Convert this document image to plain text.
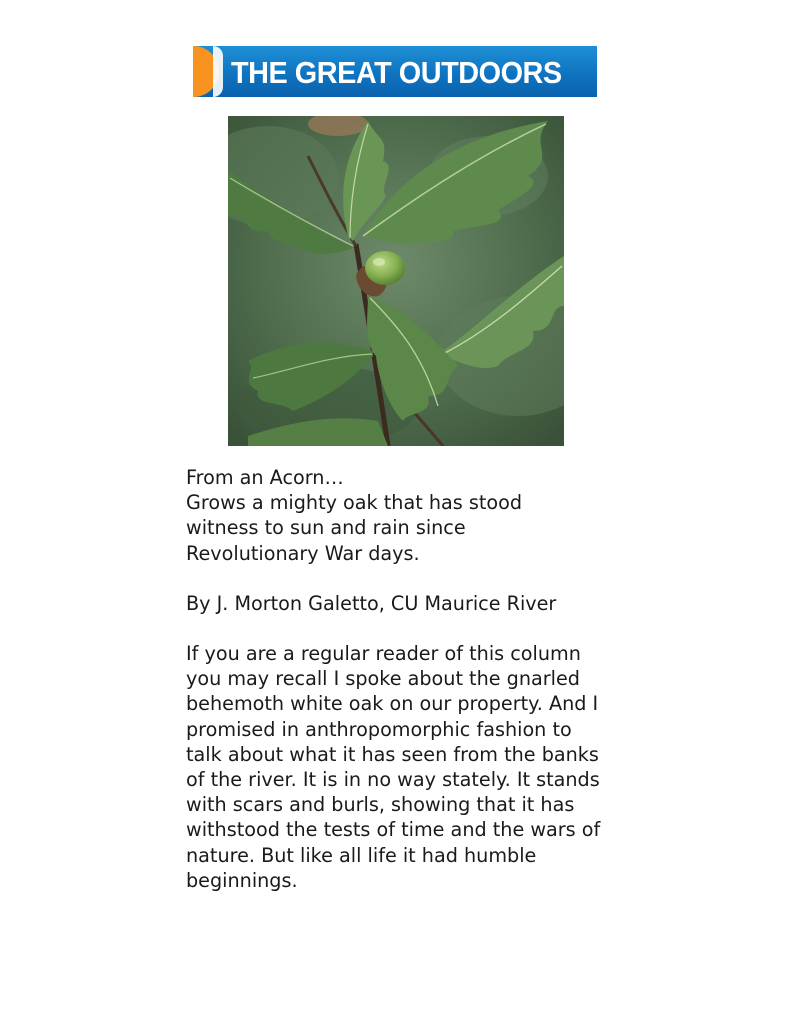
THE GREAT OUTDOORS

From an Acorn…

Grows a mighty oak that has stood witness to sun and rain since Revolutionary War days.

By J. Morton Galetto, CU Maurice River

If you are a regular reader of this column you may recall I spoke about the gnarled behemoth white oak on our property. And I promised in anthropomorphic fashion to talk about what it has seen from the banks of the river. It is in no way stately. It stands with scars and burls, showing that it has withstood the tests of time and the wars of nature. But like all life it had humble beginnings.
